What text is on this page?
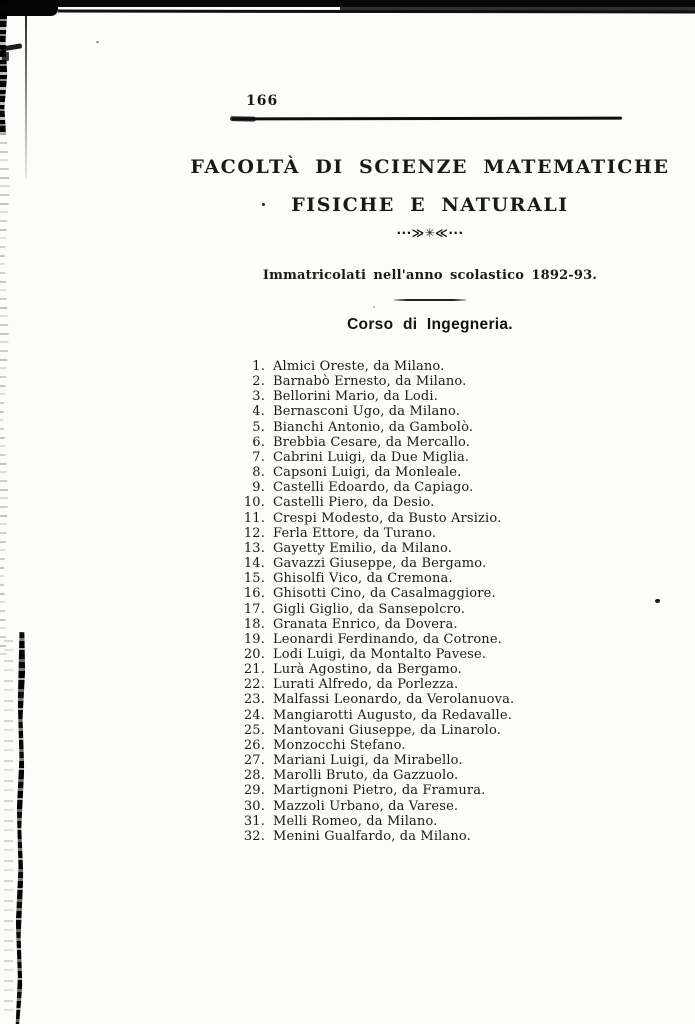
166
FACOLTÀ DI SCIENZE MATEMATICHE
FISICHE E NATURALI
···≫✳≪···
Immatricolati nell'anno scolastico 1892-93.
Corso di Ingegneria.
1. Almici Oreste, da Milano.
2. Barnabò Ernesto, da Milano.
3. Bellorini Mario, da Lodi.
4. Bernasconi Ugo, da Milano.
5. Bianchi Antonio, da Gambolò.
6. Brebbia Cesare, da Mercallo.
7. Cabrini Luigi, da Due Miglia.
8. Capsoni Luigi, da Monleale.
9. Castelli Edoardo, da Capiago.
10. Castelli Piero, da Desio.
11. Crespi Modesto, da Busto Arsizio.
12. Ferla Ettore, da Turano.
13. Gayetty Emilio, da Milano.
14. Gavazzi Giuseppe, da Bergamo.
15. Ghisolfi Vico, da Cremona.
16. Ghisotti Cino, da Casalmaggiore.
17. Gigli Giglio, da Sansepolcro.
18. Granata Enrico, da Dovera.
19. Leonardi Ferdinando, da Cotrone.
20. Lodi Luigi, da Montalto Pavese.
21. Lurà Agostino, da Bergamo.
22. Lurati Alfredo, da Porlezza.
23. Malfassi Leonardo, da Verolanuova.
24. Mangiarotti Augusto, da Redavalle.
25. Mantovani Giuseppe, da Linarolo.
26. Monzocchi Stefano.
27. Mariani Luigi, da Mirabello.
28. Marolli Bruto, da Gazzuolo.
29. Martignoni Pietro, da Framura.
30. Mazzoli Urbano, da Varese.
31. Melli Romeo, da Milano.
32. Menini Gualfardo, da Milano.
